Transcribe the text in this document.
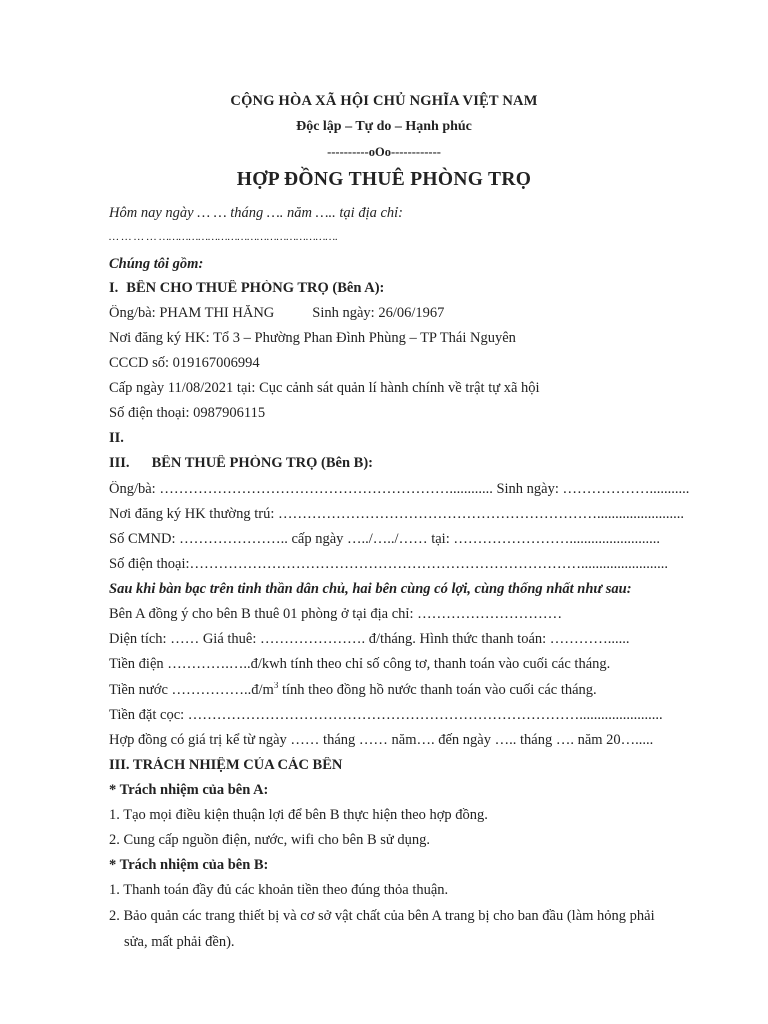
CỘNG HÒA XÃ HỘI CHỦ NGHĨA VIỆT NAM
Độc lập – Tự do – Hạnh phúc
----------oOo------------
HỢP ĐỒNG THUÊ PHÒNG TRỌ
Hôm nay ngày … … tháng …. năm ….. tại địa chỉ:
… … … … ……………………………………………….
Chúng tôi gồm:
I. BÊN CHO THUÊ PHÒNG TRỌ (Bên A):
Ông/bà: PHAM THI HẰNG	Sinh ngày: 26/06/1967
Nơi đăng ký HK: Tổ 3 – Phường Phan Đình Phùng – TP Thái Nguyên
CCCD số: 019167006994
Cấp ngày 11/08/2021 tại: Cục cảnh sát quản lí hành chính về trật tự xã hội
Số điện thoại: 0987906115
II.
III. BÊN THUÊ PHÒNG TRỌ (Bên B):
Ông/bà: ……………………………………………………............ Sinh ngày: ………………...........
Nơi đăng ký HK thường trú: …………………………………………………………........................
Số CMND: ………………….. cấp ngày …../…../…… tại: …………………….........................
Số điện thoại:………………………………………………………………………........................
Sau khi bàn bạc trên tinh thần dân chủ, hai bên cùng có lợi, cùng thống nhất như sau:
Bên A đồng ý cho bên B thuê 01 phòng ở tại địa chỉ: …………………………
Diện tích: …… Giá thuê: …………………. đ/tháng. Hình thức thanh toán: …………......
Tiền điện ………….…..đ/kwh tính theo chỉ số công tơ, thanh toán vào cuối các tháng.
Tiền nước $\dots\dots\dots\dots\dots..đ/m^3$ tính theo đồng hồ nước thanh toán vào cuối các tháng.
Tiền đặt cọc: ……………………………………………………………………….......................
Hợp đồng có giá trị kể từ ngày …… tháng …… năm…. đến ngày ….. tháng …. năm 20….....
III. TRÁCH NHIỆM CỦA CÁC BÊN
* Trách nhiệm của bên A:
1. Tạo mọi điều kiện thuận lợi để bên B thực hiện theo hợp đồng.
2. Cung cấp nguồn điện, nước, wifi cho bên B sử dụng.
* Trách nhiệm của bên B:
1. Thanh toán đầy đủ các khoản tiền theo đúng thỏa thuận.
2. Bảo quản các trang thiết bị và cơ sở vật chất của bên A trang bị cho ban đầu (làm hỏng phải
sửa, mất phải đền).
